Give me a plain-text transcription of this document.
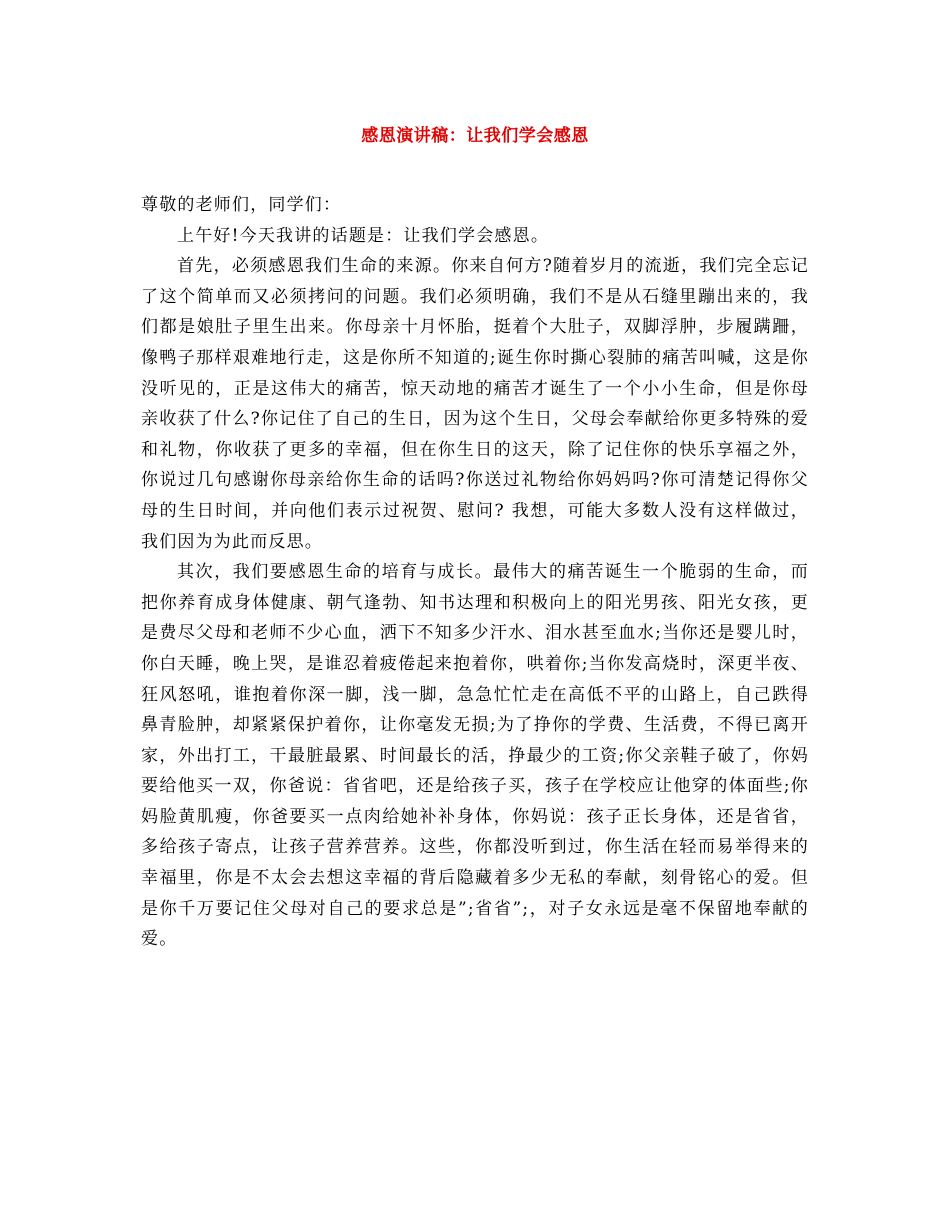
感恩演讲稿：让我们学会感恩

尊敬的老师们，同学们：

上午好!今天我讲的话题是：让我们学会感恩。

首先，必须感恩我们生命的来源。你来自何方?随着岁月的流逝，我们完全忘记了这个简单而又必须拷问的问题。我们必须明确，我们不是从石缝里蹦出来的，我们都是娘肚子里生出来。你母亲十月怀胎，挺着个大肚子，双脚浮肿，步履蹒跚，像鸭子那样艰难地行走，这是你所不知道的;诞生你时撕心裂肺的痛苦叫喊，这是你没听见的，正是这伟大的痛苦，惊天动地的痛苦才诞生了一个小小生命，但是你母亲收获了什么?你记住了自己的生日，因为这个生日，父母会奉献给你更多特殊的爱和礼物，你收获了更多的幸福，但在你生日的这天，除了记住你的快乐享福之外，你说过几句感谢你母亲给你生命的话吗?你送过礼物给你妈妈吗?你可清楚记得你父母的生日时间，并向他们表示过祝贺、慰问? 我想，可能大多数人没有这样做过，我们因为为此而反思。

其次，我们要感恩生命的培育与成长。最伟大的痛苦诞生一个脆弱的生命，而把你养育成身体健康、朝气逢勃、知书达理和积极向上的阳光男孩、阳光女孩，更是费尽父母和老师不少心血，洒下不知多少汗水、泪水甚至血水;当你还是婴儿时，你白天睡，晚上哭，是谁忍着疲倦起来抱着你，哄着你;当你发高烧时，深更半夜、狂风怒吼，谁抱着你深一脚，浅一脚，急急忙忙走在高低不平的山路上，自己跌得鼻青脸肿，却紧紧保护着你，让你毫发无损;为了挣你的学费、生活费，不得已离开家，外出打工，干最脏最累、时间最长的活，挣最少的工资;你父亲鞋子破了，你妈要给他买一双，你爸说：省省吧，还是给孩子买，孩子在学校应让他穿的体面些;你妈脸黄肌瘦，你爸要买一点肉给她补补身体，你妈说：孩子正长身体，还是省省，多给孩子寄点，让孩子营养营养。这些，你都没听到过，你生活在轻而易举得来的幸福里，你是不太会去想这幸福的背后隐藏着多少无私的奉献，刻骨铭心的爱。但是你千万要记住父母对自己的要求总是”;省省”;，对子女永远是毫不保留地奉献的爱。
